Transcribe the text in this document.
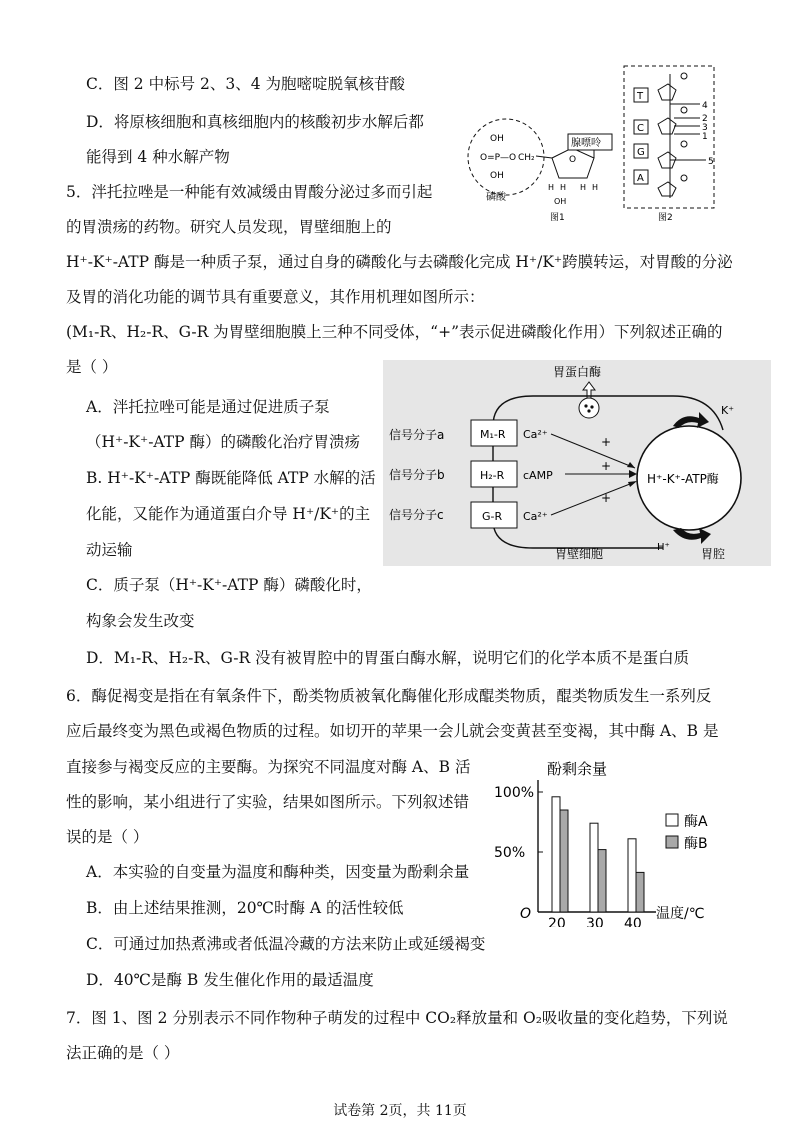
C．图 2 中标号 2、3、4 为胞嘧啶脱氧核苷酸
D．将原核细胞和真核细胞内的核酸初步水解后都
能得到 4 种水解产物
OH
O=P—O
OH
CH₂
磷酸
O
H H H H
OH
腺嘌呤
图1
T
C
G
A
4
2
3
1
5
图2
5．泮托拉唑是一种能有效减缓由胃酸分泌过多而引起
的胃溃疡的药物。研究人员发现，胃壁细胞上的
H⁺-K⁺-ATP 酶是一种质子泵，通过自身的磷酸化与去磷酸化完成 H⁺/K⁺跨膜转运，对胃酸的分泌
及胃的消化功能的调节具有重要意义，其作用机理如图所示：
(M₁-R、H₂-R、G-R 为胃壁细胞膜上三种不同受体，“+”表示促进磷酸化作用）下列叙述正确的
是（ ）
A．泮托拉唑可能是通过促进质子泵
（H⁺-K⁺-ATP 酶）的磷酸化治疗胃溃疡
B. H⁺-K⁺-ATP 酶既能降低 ATP 水解的活
化能，又能作为通道蛋白介导 H⁺/K⁺的主
动运输
C．质子泵（H⁺-K⁺-ATP 酶）磷酸化时，
构象会发生改变
D．M₁-R、H₂-R、G-R 没有被胃腔中的胃蛋白酶水解，说明它们的化学本质不是蛋白质
胃蛋白酶
H⁺-K⁺-ATP酶
K⁺
H⁺	胃腔
胃壁细胞
信号分子a
信号分子b
信号分子c
M₁-R
H₂-R
G-R
Ca²⁺
cAMP
Ca²⁺
+
+
+
6．酶促褐变是指在有氧条件下，酚类物质被氧化酶催化形成醌类物质，醌类物质发生一系列反
应后最终变为黑色或褐色物质的过程。如切开的苹果一会儿就会变黄甚至变褐，其中酶 A、B 是
直接参与褐变反应的主要酶。为探究不同温度对酶 A、B 活
性的影响，某小组进行了实验，结果如图所示。下列叙述错
误的是（ ）
A．本实验的自变量为温度和酶种类，因变量为酚剩余量
B．由上述结果推测，20℃时酶 A 的活性较低
C．可通过加热煮沸或者低温冷藏的方法来防止或延缓褐变
D．40℃是酶 B 发生催化作用的最适温度
酚剩余量
O	温度/℃
100%
50%
20 30 40
酶A
酶B
7．图 1、图 2 分别表示不同作物种子萌发的过程中 CO₂释放量和 O₂吸收量的变化趋势，下列说
法正确的是（ ）
试卷第 2页，共 11页
